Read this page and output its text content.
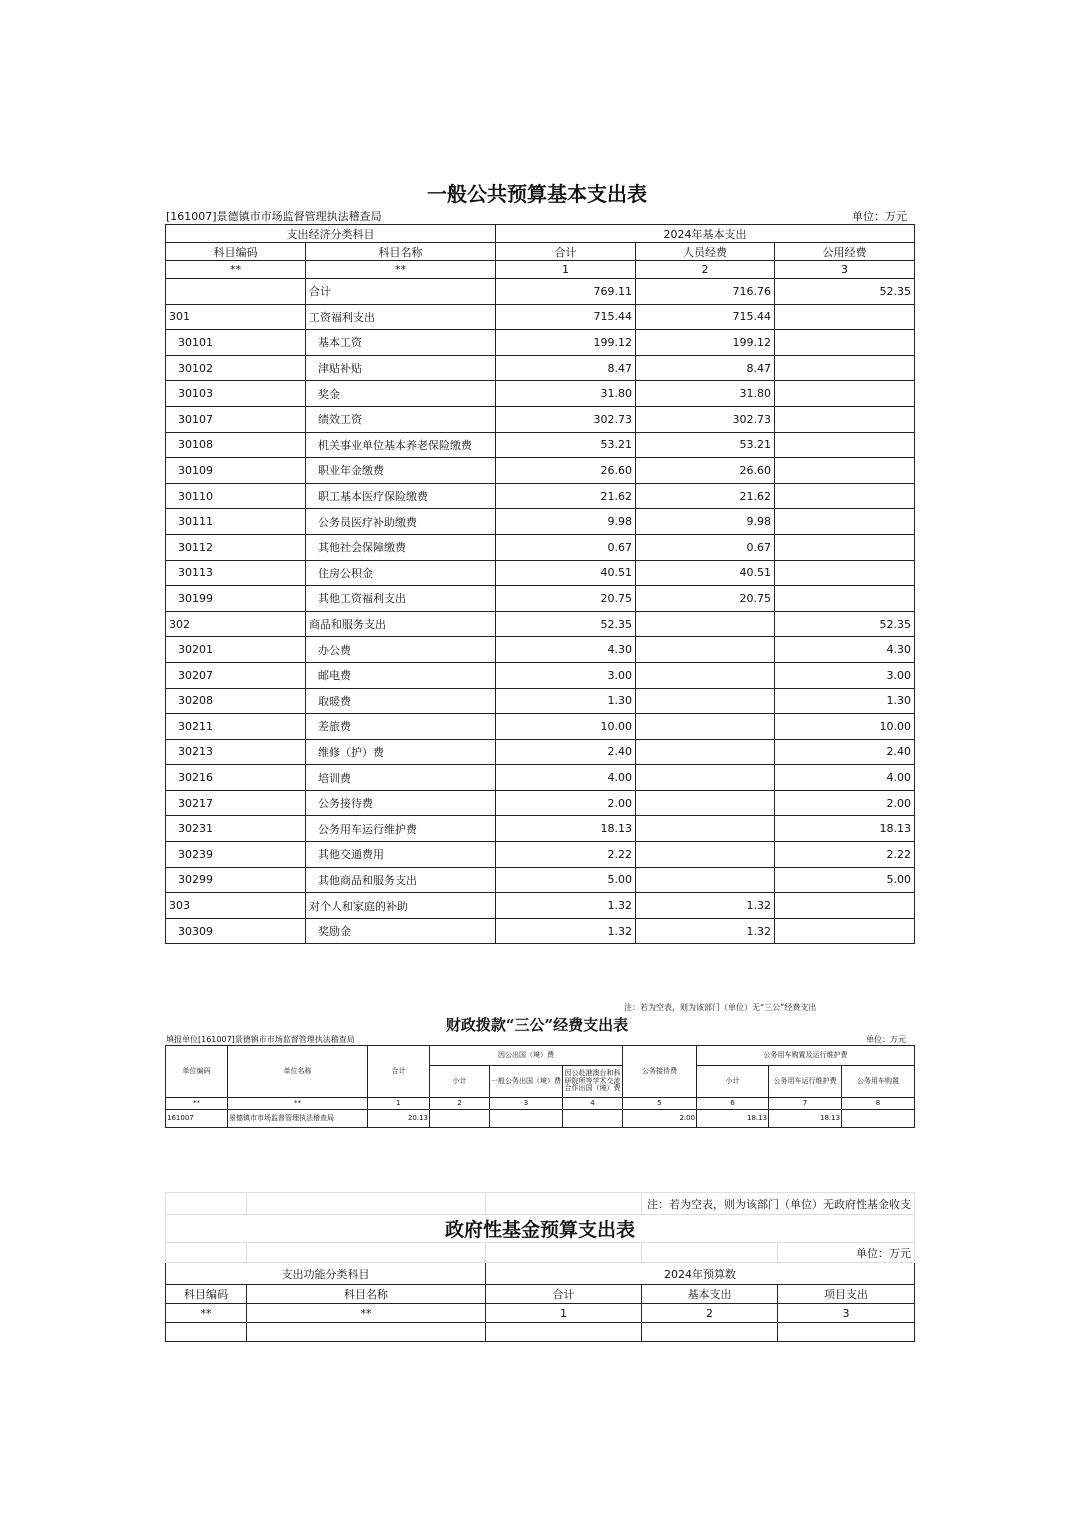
一般公共预算基本支出表
[161007]景德镇市市场监督管理执法稽查局	单位：万元
支出经济分类科目		2024年基本支出		
科目编码	科目名称	合计	人员经费	公用经费
**	**	1	2	3
	合计	769.11	716.76	52.35
301	工资福利支出	715.44	715.44	
30101	基本工资	199.12	199.12	
30102	津贴补贴	8.47	8.47	
30103	奖金	31.80	31.80	
30107	绩效工资	302.73	302.73	
30108	机关事业单位基本养老保险缴费	53.21	53.21	
30109	职业年金缴费	26.60	26.60	
30110	职工基本医疗保险缴费	21.62	21.62	
30111	公务员医疗补助缴费	9.98	9.98	
30112	其他社会保障缴费	0.67	0.67	
30113	住房公积金	40.51	40.51	
30199	其他工资福利支出	20.75	20.75	
302	商品和服务支出	52.35		52.35
30201	办公费	4.30		4.30
30207	邮电费	3.00		3.00
30208	取暖费	1.30		1.30
30211	差旅费	10.00		10.00
30213	维修（护）费	2.40		2.40
30216	培训费	4.00		4.00
30217	公务接待费	2.00		2.00
30231	公务用车运行维护费	18.13		18.13
30239	其他交通费用	2.22		2.22
30299	其他商品和服务支出	5.00		5.00
303	对个人和家庭的补助	1.32	1.32	
30309	奖励金	1.32	1.32	
注：若为空表，则为该部门（单位）无“三公”经费支出
财政拨款“三公”经费支出表
填报单位[161007]景德镇市市场监督管理执法稽查局	单位：万元
单位编码	单位名称	合计	因公出国（境）费			公务接待费	公务用车购置及运行维护费		
			小计	一般公务出国（境）费	因公赴港澳台和科研院所等学术交流合作出国（境）费		小计	公务用车运行维护费	公务用车购置
**	**	1	2	3	4	5	6	7	8
161007	景德镇市市场监督管理执法稽查局	20.13				2.00	18.13	18.13	
			注：若为空表，则为该部门（单位）无政府性基金收支	
政府性基金预算支出表				
				单位：万元
支出功能分类科目		2024年预算数		
科目编码	科目名称	合计	基本支出	项目支出
**	**	1	2	3
